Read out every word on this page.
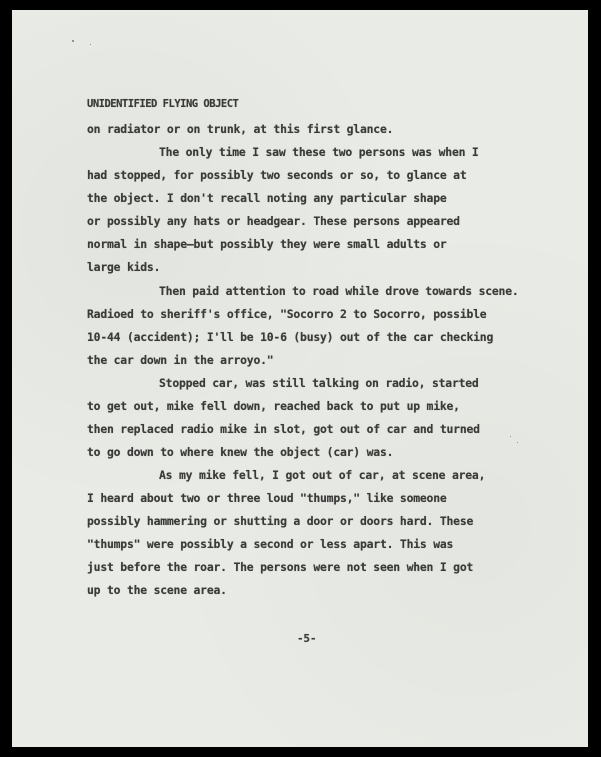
UNIDENTIFIED FLYING OBJECT
on radiator or on trunk, at this first glance.
The only time I saw these two persons was when I
had stopped, for possibly two seconds or so, to glance at
the object. I don't recall noting any particular shape
or possibly any hats or headgear. These persons appeared
normal in shape—but possibly they were small adults or
large kids.
Then paid attention to road while drove towards scene.
Radioed to sheriff's office, "Socorro 2 to Socorro, possible
10-44 (accident); I'll be 10-6 (busy) out of the car checking
the car down in the arroyo."
Stopped car, was still talking on radio, started
to get out, mike fell down, reached back to put up mike,
then replaced radio mike in slot, got out of car and turned
to go down to where knew the object (car) was.
As my mike fell, I got out of car, at scene area,
I heard about two or three loud "thumps," like someone
possibly hammering or shutting a door or doors hard. These
"thumps" were possibly a second or less apart. This was
just before the roar. The persons were not seen when I got
up to the scene area.
-5-
